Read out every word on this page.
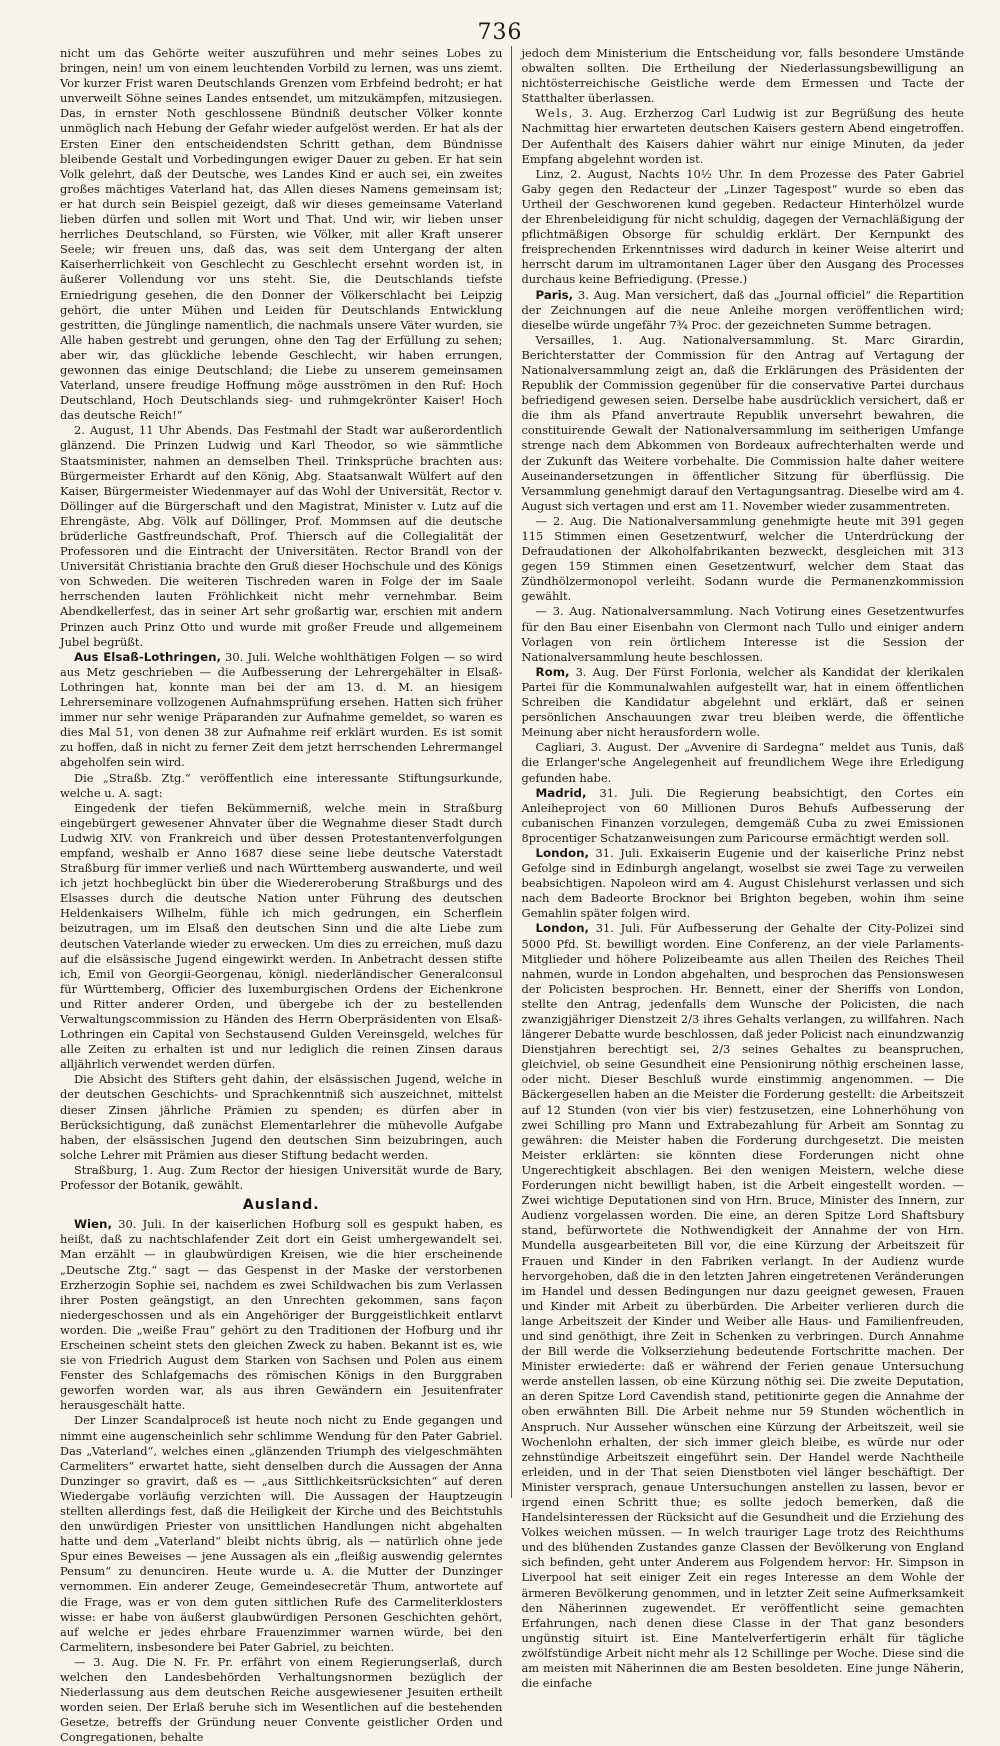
736

nicht um das Gehörte weiter auszuführen und mehr seines Lobes zu bringen, nein! um von einem leuchtenden Vorbild zu lernen, was uns ziemt. Vor kurzer Frist waren Deutschlands Grenzen vom Erbfeind bedroht; er hat unverweilt Söhne seines Landes entsendet, um mitzukämpfen, mitzusiegen. Das, in ernster Noth geschlossene Bündniß deutscher Völker konnte unmöglich nach Hebung der Gefahr wieder aufgelöst werden. Er hat als der Ersten Einer den entscheidendsten Schritt gethan, dem Bündnisse bleibende Gestalt und Vorbedingungen ewiger Dauer zu geben. Er hat sein Volk gelehrt, daß der Deutsche, wes Landes Kind er auch sei, ein zweites großes mächtiges Vaterland hat, das Allen dieses Namens gemeinsam ist; er hat durch sein Beispiel gezeigt, daß wir dieses gemeinsame Vaterland lieben dürfen und sollen mit Wort und That. Und wir, wir lieben unser herrliches Deutschland, so Fürsten, wie Völker, mit aller Kraft unserer Seele; wir freuen uns, daß das, was seit dem Untergang der alten Kaiserherrlichkeit von Geschlecht zu Geschlecht ersehnt worden ist, in äußerer Vollendung vor uns steht. Sie, die Deutschlands tiefste Erniedrigung gesehen, die den Donner der Völkerschlacht bei Leipzig gehört, die unter Mühen und Leiden für Deutschlands Entwicklung gestritten, die Jünglinge namentlich, die nachmals unsere Väter wurden, sie Alle haben gestrebt und gerungen, ohne den Tag der Erfüllung zu sehen; aber wir, das glückliche lebende Geschlecht, wir haben errungen, gewonnen das einige Deutschland; die Liebe zu unserem gemeinsamen Vaterland, unsere freudige Hoffnung möge ausströmen in den Ruf: Hoch Deutschland, Hoch Deutschlands sieg- und ruhmgekrönter Kaiser! Hoch das deutsche Reich!“

2. August, 11 Uhr Abends. Das Festmahl der Stadt war außerordentlich glänzend. Die Prinzen Ludwig und Karl Theodor, so wie sämmtliche Staatsminister, nahmen an demselben Theil. Trinksprüche brachten aus: Bürgermeister Erhardt auf den König, Abg. Staatsanwalt Wülfert auf den Kaiser, Bürgermeister Wiedenmayer auf das Wohl der Universität, Rector v. Döllinger auf die Bürgerschaft und den Magistrat, Minister v. Lutz auf die Ehrengäste, Abg. Völk auf Döllinger, Prof. Mommsen auf die deutsche brüderliche Gastfreundschaft, Prof. Thiersch auf die Collegialität der Professoren und die Eintracht der Universitäten. Rector Brandl von der Universität Christiania brachte den Gruß dieser Hochschule und des Königs von Schweden. Die weiteren Tischreden waren in Folge der im Saale herrschenden lauten Fröhlichkeit nicht mehr vernehmbar. Beim Abendkellerfest, das in seiner Art sehr großartig war, erschien mit andern Prinzen auch Prinz Otto und wurde mit großer Freude und allgemeinem Jubel begrüßt.

Aus Elsaß-Lothringen, 30. Juli. Welche wohlthätigen Folgen — so wird aus Metz geschrieben — die Aufbesserung der Lehrergehälter in Elsaß-Lothringen hat, konnte man bei der am 13. d. M. an hiesigem Lehrerseminare vollzogenen Aufnahmsprüfung ersehen. Hatten sich früher immer nur sehr wenige Präparanden zur Aufnahme gemeldet, so waren es dies Mal 51, von denen 38 zur Aufnahme reif erklärt wurden. Es ist somit zu hoffen, daß in nicht zu ferner Zeit dem jetzt herrschenden Lehrermangel abgeholfen sein wird.

Die „Straßb. Ztg.“ veröffentlich eine interessante Stiftungsurkunde, welche u. A. sagt:

Eingedenk der tiefen Bekümmerniß, welche mein in Straßburg eingebürgert gewesener Ahnvater über die Wegnahme dieser Stadt durch Ludwig XIV. von Frankreich und über dessen Protestantenverfolgungen empfand, weshalb er Anno 1687 diese seine liebe deutsche Vaterstadt Straßburg für immer verließ und nach Württemberg auswanderte, und weil ich jetzt hochbeglückt bin über die Wiedereroberung Straßburgs und des Elsasses durch die deutsche Nation unter Führung des deutschen Heldenkaisers Wilhelm, fühle ich mich gedrungen, ein Scherflein beizutragen, um im Elsaß den deutschen Sinn und die alte Liebe zum deutschen Vaterlande wieder zu erwecken. Um dies zu erreichen, muß dazu auf die elsässische Jugend eingewirkt werden. In Anbetracht dessen stifte ich, Emil von Georgii-Georgenau, königl. niederländischer Generalconsul für Württemberg, Officier des luxemburgischen Ordens der Eichenkrone und Ritter anderer Orden, und übergebe ich der zu bestellenden Verwaltungscommission zu Händen des Herrn Oberpräsidenten von Elsaß-Lothringen ein Capital von Sechstausend Gulden Vereinsgeld, welches für alle Zeiten zu erhalten ist und nur lediglich die reinen Zinsen daraus alljährlich verwendet werden dürfen.

Die Absicht des Stifters geht dahin, der elsässischen Jugend, welche in der deutschen Geschichts- und Sprachkenntniß sich auszeichnet, mittelst dieser Zinsen jährliche Prämien zu spenden; es dürfen aber in Berücksichtigung, daß zunächst Elementarlehrer die mühevolle Aufgabe haben, der elsässischen Jugend den deutschen Sinn beizubringen, auch solche Lehrer mit Prämien aus dieser Stiftung bedacht werden.

Straßburg, 1. Aug. Zum Rector der hiesigen Universität wurde de Bary, Professor der Botanik, gewählt.

Ausland.

Wien, 30. Juli. In der kaiserlichen Hofburg soll es gespukt haben, es heißt, daß zu nachtschlafender Zeit dort ein Geist umhergewandelt sei. Man erzählt — in glaubwürdigen Kreisen, wie die hier erscheinende „Deutsche Ztg.“ sagt — das Gespenst in der Maske der verstorbenen Erzherzogin Sophie sei, nachdem es zwei Schildwachen bis zum Verlassen ihrer Posten geängstigt, an den Unrechten gekommen, sans façon niedergeschossen und als ein Angehöriger der Burggeistlichkeit entlarvt worden. Die „weiße Frau“ gehört zu den Traditionen der Hofburg und ihr Erscheinen scheint stets den gleichen Zweck zu haben. Bekannt ist es, wie sie von Friedrich August dem Starken von Sachsen und Polen aus einem Fenster des Schlafgemachs des römischen Königs in den Burggraben geworfen worden war, als aus ihren Gewändern ein Jesuitenfrater herausgeschält hatte.

Der Linzer Scandalproceß ist heute noch nicht zu Ende gegangen und nimmt eine augenscheinlich sehr schlimme Wendung für den Pater Gabriel. Das „Vaterland“, welches einen „glänzenden Triumph des vielgeschmähten Carmeliters“ erwartet hatte, sieht denselben durch die Aussagen der Anna Dunzinger so gravirt, daß es — „aus Sittlichkeitsrücksichten“ auf deren Wiedergabe vorläufig verzichten will. Die Aussagen der Hauptzeugin stellten allerdings fest, daß die Heiligkeit der Kirche und des Beichtstuhls den unwürdigen Priester von unsittlichen Handlungen nicht abgehalten hatte und dem „Vaterland“ bleibt nichts übrig, als — natürlich ohne jede Spur eines Beweises — jene Aussagen als ein „fleißig auswendig gelerntes Pensum“ zu denunciren. Heute wurde u. A. die Mutter der Dunzinger vernommen. Ein anderer Zeuge, Gemeindesecretär Thum, antwortete auf die Frage, was er von dem guten sittlichen Rufe des Carmeliterklosters wisse: er habe von äußerst glaubwürdigen Personen Geschichten gehört, auf welche er jedes ehrbare Frauenzimmer warnen würde, bei den Carmelitern, insbesondere bei Pater Gabriel, zu beichten.

— 3. Aug. Die N. Fr. Pr. erfährt von einem Regierungserlaß, durch welchen den Landesbehörden Verhaltungsnormen bezüglich der Niederlassung aus dem deutschen Reiche ausgewiesener Jesuiten ertheilt worden seien. Der Erlaß beruhe sich im Wesentlichen auf die bestehenden Gesetze, betreffs der Gründung neuer Convente geistlicher Orden und Congregationen, behalte

jedoch dem Ministerium die Entscheidung vor, falls besondere Umstände obwalten sollten. Die Ertheilung der Niederlassungsbewilligung an nichtösterreichische Geistliche werde dem Ermessen und Tacte der Statthalter überlassen.

Wels, 3. Aug. Erzherzog Carl Ludwig ist zur Begrüßung des heute Nachmittag hier erwarteten deutschen Kaisers gestern Abend eingetroffen. Der Aufenthalt des Kaisers dahier währt nur einige Minuten, da jeder Empfang abgelehnt worden ist.

Linz, 2. August, Nachts 10½ Uhr. In dem Prozesse des Pater Gabriel Gaby gegen den Redacteur der „Linzer Tagespost“ wurde so eben das Urtheil der Geschworenen kund gegeben. Redacteur Hinterhölzel wurde der Ehrenbeleidigung für nicht schuldig, dagegen der Vernachläßigung der pflichtmäßigen Obsorge für schuldig erklärt. Der Kernpunkt des freisprechenden Erkenntnisses wird dadurch in keiner Weise alterirt und herrscht darum im ultramontanen Lager über den Ausgang des Processes durchaus keine Befriedigung. (Presse.)

Paris, 3. Aug. Man versichert, daß das „Journal officiel“ die Repartition der Zeichnungen auf die neue Anleihe morgen veröffentlichen wird; dieselbe würde ungefähr 7¾ Proc. der gezeichneten Summe betragen.

Versailles, 1. Aug. Nationalversammlung. St. Marc Girardin, Berichterstatter der Commission für den Antrag auf Vertagung der Nationalversammlung zeigt an, daß die Erklärungen des Präsidenten der Republik der Commission gegenüber für die conservative Partei durchaus befriedigend gewesen seien. Derselbe habe ausdrücklich versichert, daß er die ihm als Pfand anvertraute Republik unversehrt bewahren, die constituirende Gewalt der Nationalversammlung im seitherigen Umfange strenge nach dem Abkommen von Bordeaux aufrechterhalten werde und der Zukunft das Weitere vorbehalte. Die Commission halte daher weitere Auseinandersetzungen in öffentlicher Sitzung für überflüssig. Die Versammlung genehmigt darauf den Vertagungsantrag. Dieselbe wird am 4. August sich vertagen und erst am 11. November wieder zusammentreten.

— 2. Aug. Die Nationalversammlung genehmigte heute mit 391 gegen 115 Stimmen einen Gesetzentwurf, welcher die Unterdrückung der Defraudationen der Alkoholfabrikanten bezweckt, desgleichen mit 313 gegen 159 Stimmen einen Gesetzentwurf, welcher dem Staat das Zündhölzermonopol verleiht. Sodann wurde die Permanenzkommission gewählt.

— 3. Aug. Nationalversammlung. Nach Votirung eines Gesetzentwurfes für den Bau einer Eisenbahn von Clermont nach Tullo und einiger andern Vorlagen von rein örtlichem Interesse ist die Session der Nationalversammlung heute beschlossen.

Rom, 3. Aug. Der Fürst Forlonia, welcher als Kandidat der klerikalen Partei für die Kommunalwahlen aufgestellt war, hat in einem öffentlichen Schreiben die Kandidatur abgelehnt und erklärt, daß er seinen persönlichen Anschauungen zwar treu bleiben werde, die öffentliche Meinung aber nicht herausfordern wolle.

Cagliari, 3. August. Der „Avvenire di Sardegna“ meldet aus Tunis, daß die Erlanger'sche Angelegenheit auf freundlichem Wege ihre Erledigung gefunden habe.

Madrid, 31. Juli. Die Regierung beabsichtigt, den Cortes ein Anleiheproject von 60 Millionen Duros Behufs Aufbesserung der cubanischen Finanzen vorzulegen, demgemäß Cuba zu zwei Emissionen 8procentiger Schatzanweisungen zum Paricourse ermächtigt werden soll.

London, 31. Juli. Exkaiserin Eugenie und der kaiserliche Prinz nebst Gefolge sind in Edinburgh angelangt, woselbst sie zwei Tage zu verweilen beabsichtigen. Napoleon wird am 4. August Chislehurst verlassen und sich nach dem Badeorte Brocknor bei Brighton begeben, wohin ihm seine Gemahlin später folgen wird.

London, 31. Juli. Für Aufbesserung der Gehalte der City-Polizei sind 5000 Pfd. St. bewilligt worden. Eine Conferenz, an der viele Parlaments-Mitglieder und höhere Polizeibeamte aus allen Theilen des Reiches Theil nahmen, wurde in London abgehalten, und besprochen das Pensionswesen der Policisten besprochen. Hr. Bennett, einer der Sheriffs von London, stellte den Antrag, jedenfalls dem Wunsche der Policisten, die nach zwanzigjähriger Dienstzeit 2/3 ihres Gehalts verlangen, zu willfahren. Nach längerer Debatte wurde beschlossen, daß jeder Policist nach einundzwanzig Dienstjahren berechtigt sei, 2/3 seines Gehaltes zu beanspruchen, gleichviel, ob seine Gesundheit eine Pensionirung nöthig erscheinen lasse, oder nicht. Dieser Beschluß wurde einstimmig angenommen. — Die Bäckergesellen haben an die Meister die Forderung gestellt: die Arbeitszeit auf 12 Stunden (von vier bis vier) festzusetzen, eine Lohnerhöhung von zwei Schilling pro Mann und Extrabezahlung für Arbeit am Sonntag zu gewähren: die Meister haben die Forderung durchgesetzt. Die meisten Meister erklärten: sie könnten diese Forderungen nicht ohne Ungerechtigkeit abschlagen. Bei den wenigen Meistern, welche diese Forderungen nicht bewilligt haben, ist die Arbeit eingestellt worden. — Zwei wichtige Deputationen sind von Hrn. Bruce, Minister des Innern, zur Audienz vorgelassen worden. Die eine, an deren Spitze Lord Shaftsbury stand, befürwortete die Nothwendigkeit der Annahme der von Hrn. Mundella ausgearbeiteten Bill vor, die eine Kürzung der Arbeitszeit für Frauen und Kinder in den Fabriken verlangt. In der Audienz wurde hervorgehoben, daß die in den letzten Jahren eingetretenen Veränderungen im Handel und dessen Bedingungen nur dazu geeignet gewesen, Frauen und Kinder mit Arbeit zu überbürden. Die Arbeiter verlieren durch die lange Arbeitszeit der Kinder und Weiber alle Haus- und Familienfreuden, und sind genöthigt, ihre Zeit in Schenken zu verbringen. Durch Annahme der Bill werde die Volkserziehung bedeutende Fortschritte machen. Der Minister erwiederte: daß er während der Ferien genaue Untersuchung werde anstellen lassen, ob eine Kürzung nöthig sei. Die zweite Deputation, an deren Spitze Lord Cavendish stand, petitionirte gegen die Annahme der oben erwähnten Bill. Die Arbeit nehme nur 59 Stunden wöchentlich in Anspruch. Nur Ausseher wünschen eine Kürzung der Arbeitszeit, weil sie Wochenlohn erhalten, der sich immer gleich bleibe, es würde nur oder zehnstündige Arbeitszeit eingeführt sein. Der Handel werde Nachtheile erleiden, und in der That seien Dienstboten viel länger beschäftigt. Der Minister versprach, genaue Untersuchungen anstellen zu lassen, bevor er irgend einen Schritt thue; es sollte jedoch bemerken, daß die Handelsinteressen der Rücksicht auf die Gesundheit und die Erziehung des Volkes weichen müssen. — In welch trauriger Lage trotz des Reichthums und des blühenden Zustandes ganze Classen der Bevölkerung von England sich befinden, geht unter Anderem aus Folgendem hervor: Hr. Simpson in Liverpool hat seit einiger Zeit ein reges Interesse an dem Wohle der ärmeren Bevölkerung genommen, und in letzter Zeit seine Aufmerksamkeit den Näherinnen zugewendet. Er veröffentlicht seine gemachten Erfahrungen, nach denen diese Classe in der That ganz besonders ungünstig situirt ist. Eine Mantelverfertigerin erhält für tägliche zwölfstündige Arbeit nicht mehr als 12 Schillinge per Woche. Diese sind die am meisten mit Näherinnen die am Besten besoldeten. Eine junge Näherin, die einfache
